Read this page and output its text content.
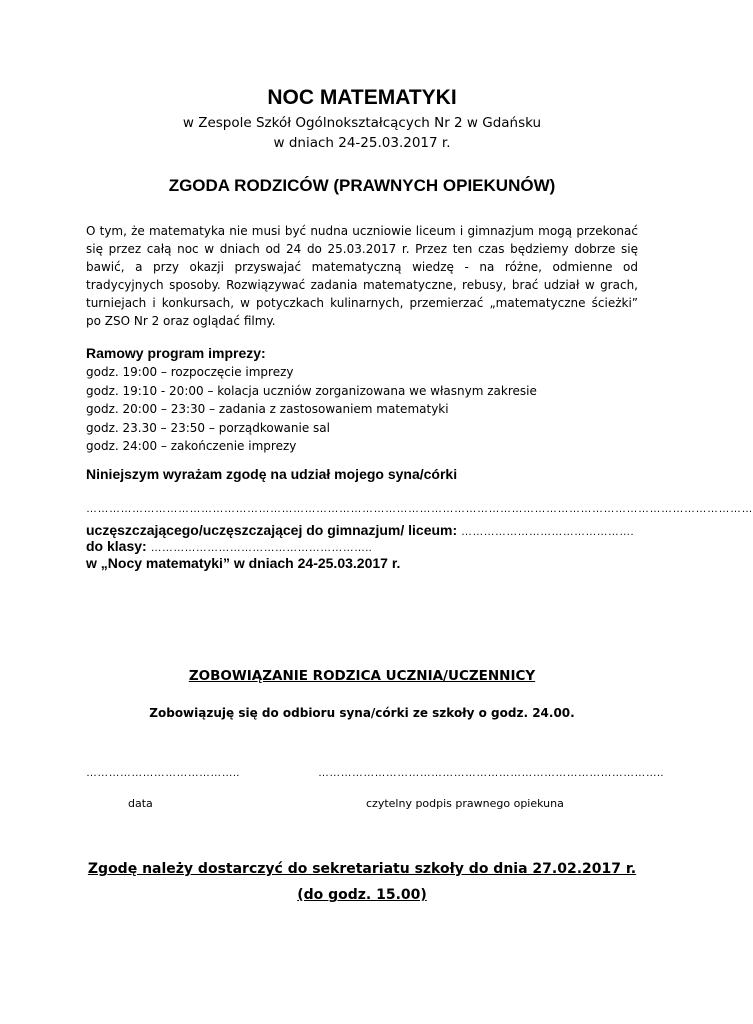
NOC MATEMATYKI
w Zespole Szkół Ogólnokształcących Nr 2 w Gdańsku
w dniach 24-25.03.2017 r.
ZGODA RODZICÓW (PRAWNYCH OPIEKUNÓW)
O tym, że matematyka nie musi być nudna uczniowie liceum i gimnazjum mogą przekonać się przez całą noc w dniach od 24 do 25.03.2017 r. Przez ten czas będziemy dobrze się bawić, a przy okazji przyswajać matematyczną wiedzę - na różne, odmienne od tradycyjnych sposoby. Rozwiązywać zadania matematyczne, rebusy, brać udział w grach, turniejach i konkursach, w potyczkach kulinarnych, przemierzać „matematyczne ścieżki” po ZSO Nr 2 oraz oglądać filmy.
Ramowy program imprezy:
godz. 19:00 – rozpoczęcie imprezy
godz. 19:10 - 20:00 – kolacja uczniów zorganizowana we własnym zakresie
godz. 20:00 – 23:30 – zadania z zastosowaniem matematyki
godz. 23.30 – 23:50 – porządkowanie sal
godz. 24:00 – zakończenie imprezy
Niniejszym wyrażam zgodę na udział mojego syna/córki
…………………………………………………………………………………………………………………………………………………………
uczęszczającego/uczęszczającej do gimnazjum/ liceum: ……………………………………….
do klasy: …………………………………………………..
w „Nocy matematyki” w dniach 24-25.03.2017 r.
ZOBOWIĄZANIE RODZICA UCZNIA/UCZENNICY
Zobowiązuję się do odbioru syna/córki ze szkoły o godz. 24.00.
…………………………………..	………………………………………………………………………………..
data	czytelny podpis prawnego opiekuna
Zgodę należy dostarczyć do sekretariatu szkoły do dnia 27.02.2017 r.
(do godz. 15.00)
